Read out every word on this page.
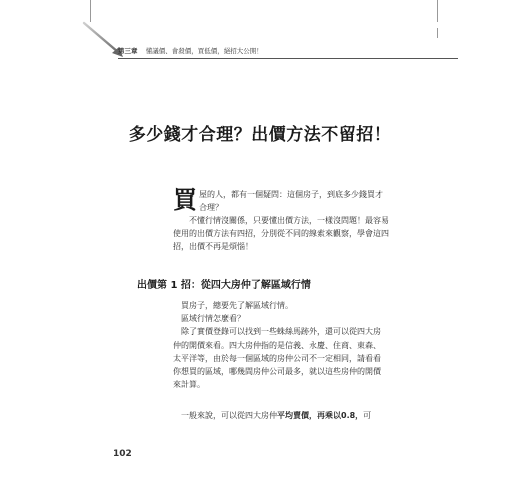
第三章 懂議價、會殺價，買低價，絕招大公開！
多少錢才合理？出價方法不留招！

買屋的人，都有一個疑問：這個房子，到底多少錢買才合理？

不懂行情沒關係，只要懂出價方法，一樣沒問題！最容易使用的出價方法有四招，分別從不同的線索來觀察，學會這四招，出價不再是煩惱！

出價第 1 招：從四大房仲了解區域行情

買房子，總要先了解區域行情。

區域行情怎麼看？

除了實價登錄可以找到一些蛛絲馬跡外，還可以從四大房仲的開價來看。四大房仲指的是信義、永慶、住商、東森、太平洋等，由於每一個區域的房仲公司不一定相同，請看看你想買的區域，哪幾間房仲公司最多，就以這些房仲的開價來計算。

一般來說，可以從四大房仲平均賣價，再乘以0.8，可

102
